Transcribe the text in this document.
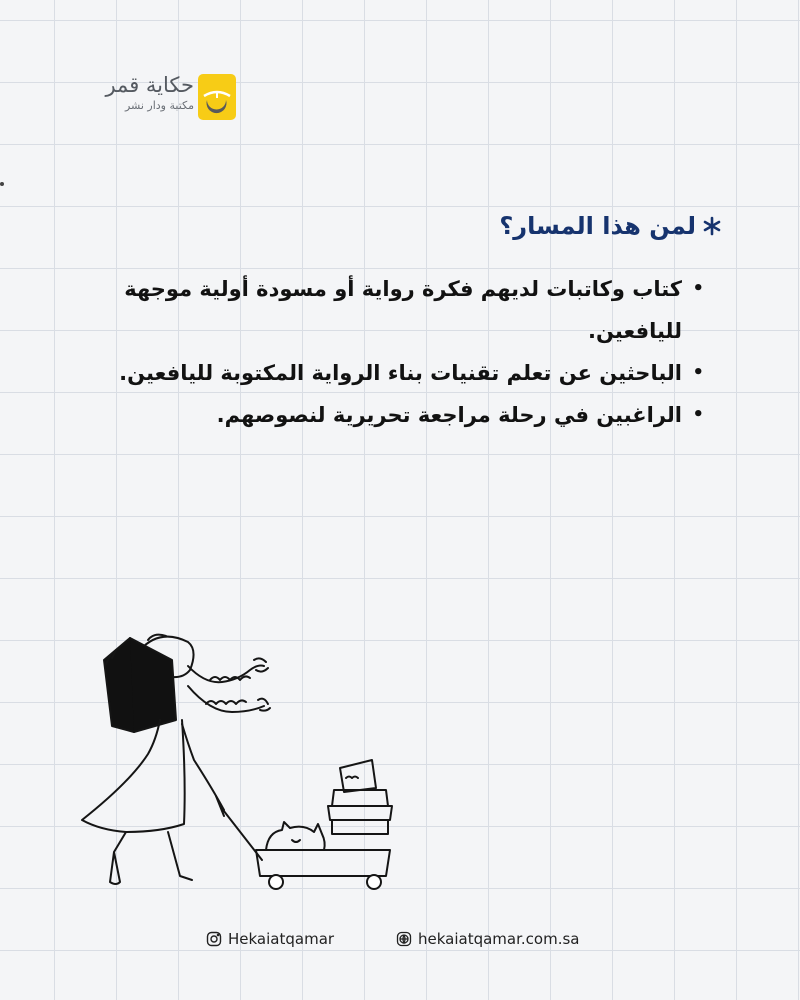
حكاية قمر
مكتبة ودار نشر
لمن هذا المسار؟
• كتاب وكاتبات لديهم فكرة رواية أو مسودة أولية موجهة لليافعين.
• الباحثين عن تعلم تقنيات بناء الرواية المكتوبة لليافعين.
• الراغبين في رحلة مراجعة تحريرية لنصوصهم.
Hekaiatqamar	hekaiatqamar.com.sa
